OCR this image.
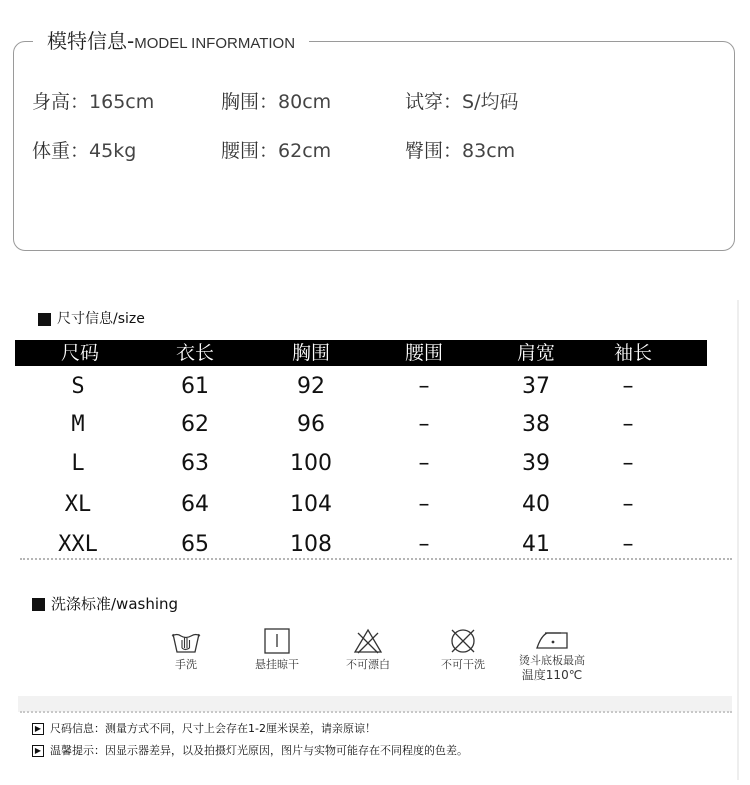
模特信息-MODEL INFORMATION
身高：165cm	胸围：80cm	试穿：S/均码
体重：45kg	腰围：62cm	臀围：83cm
尺寸信息/size
尺码	衣长	胸围	腰围	肩宽	袖长
S	61	92	–	37	–
M	62	96	–	38	–
L	63	100	–	39	–
XL	64	104	–	40	–
XXL	65	108	–	41	–
洗涤标准/washing
手洗	悬挂晾干	不可漂白	不可干洗	烫斗底板最高
温度110℃
▶ 尺码信息：测量方式不同，尺寸上会存在1-2厘米误差，请亲原谅！
▶ 温馨提示：因显示器差异，以及拍摄灯光原因，图片与实物可能存在不同程度的色差。
